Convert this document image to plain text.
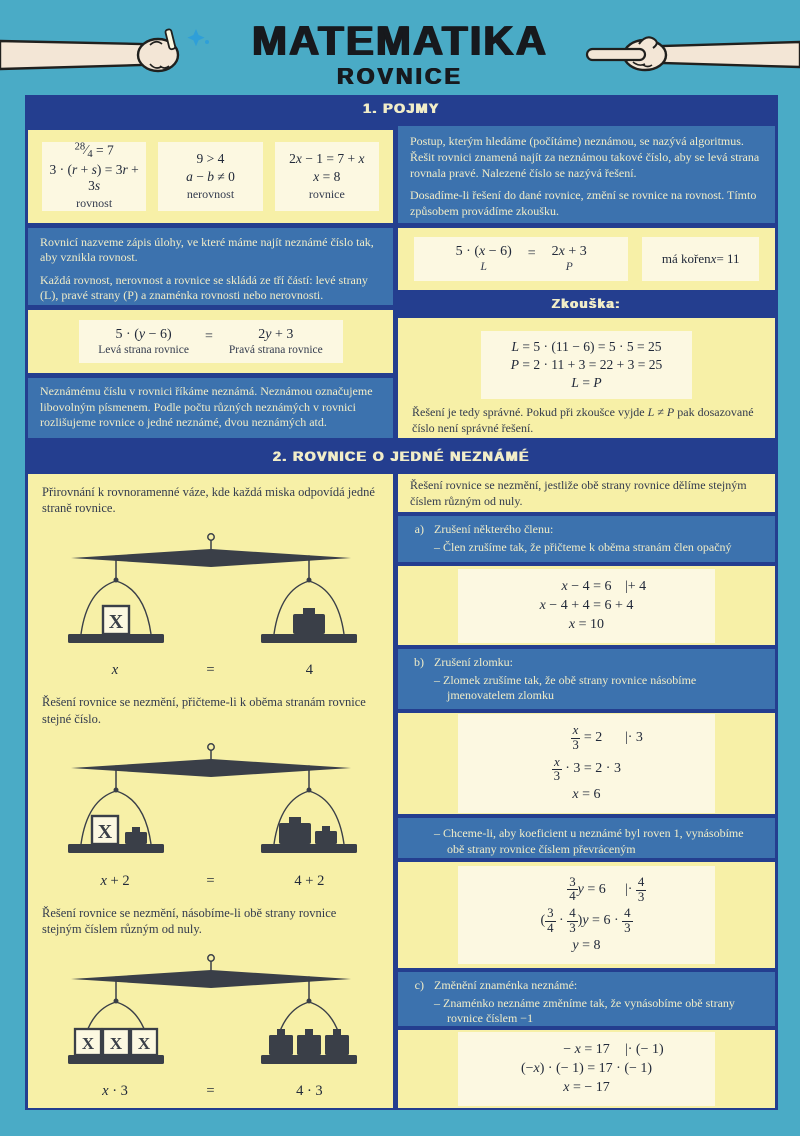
MATEMATIKA
ROVNICE
1. POJMY
$^{28}⁄_4 = 7$
3 · (r + s) = 3r + 3s
rovnost
9 > 4
a − b ≠ 0
nerovnost
2x − 1 = 7 + x
x = 8
rovnice

Rovnicí nazveme zápis úlohy, ve které máme najít neznámé číslo tak, aby vznikla rovnost.

Každá rovnost, nerovnost a rovnice se skládá ze tří částí: levé strany (L), pravé strany (P) a znaménka rovnosti nebo nerovnosti.

5 · (y − 6)
Levá strana rovnice
=	2y + 3
Pravá strana rovnice

Neznámému číslu v rovnici říkáme neznámá. Neznámou označujeme libovolným písmenem. Podle počtu různých neznámých v rovnici rozlišujeme rovnice o jedné neznámé, dvou neznámých atd.

Postup, kterým hledáme (počítáme) neznámou, se nazývá algoritmus. Řešit rovnici znamená najít za neznámou takové číslo, aby se levá strana rovnala pravé. Nalezené číslo se nazývá řešení.

Dosadíme-li řešení do dané rovnice, změní se rovnice na rovnost. Tímto způsobem provádíme zkoušku.

5 · (x − 6)
L
= 2x + 3
P
má kořen x = 11
Zkouška:
L = 5 · (11 − 6) = 5 · 5 = 25
P = 2 · 11 + 3 = 22 + 3 = 25
L = P
Řešení je tedy správné. Pokud při zkoušce vyjde L ≠ P pak dosazované číslo není správné řešení.
2. ROVNICE O JEDNÉ NEZNÁMÉ

Přirovnání k rovnoramenné váze, kde každá miska odpovídá jedné straně rovnice.

X
x	=	4

Řešení rovnice se nezmění, přičteme-li k oběma stranám rovnice stejné číslo.

X
x + 2	=	4 + 2

Řešení rovnice se nezmění, násobíme-li obě strany rovnice stejným číslem různým od nuly.

X X X
x · 3	=	4 · 3

Řešení rovnice se nezmění, jestliže obě strany rovnice dělíme stejným číslem různým od nuly.

a) Zrušení některého členu:
– Člen zrušíme tak, že přičteme k oběma stranám člen opačný
x − 4 = 6 |+ 4
x − 4 + 4 = 6 + 4
x = 10
b) Zrušení zlomku:
– Zlomek zrušíme tak, že obě strany rovnice násobíme jmenovatelem zlomku
$\frac{x}{3} = 2$ |· 3
$\frac{x}{3} \cdot 3 = 2 \cdot 3$
x = 6
– Chceme-li, aby koeficient u neznámé byl roven 1, vynásobíme obě strany rovnice číslem převráceným
$\frac{3}{4}$ y = 6 |· $\frac{4}{3}$
( $\frac{3}{4} \cdot \frac{4}{3} )y = 6 \cdot \frac{4}{3}$
y = 8
c) Změnění znaménka neznámé:
– Znaménko neznáme změníme tak, že vynásobíme obě strany rovnice číslem −1
− x = 17 |· (− 1)
(−x) · (− 1) = 17 · (− 1)
x = − 17
